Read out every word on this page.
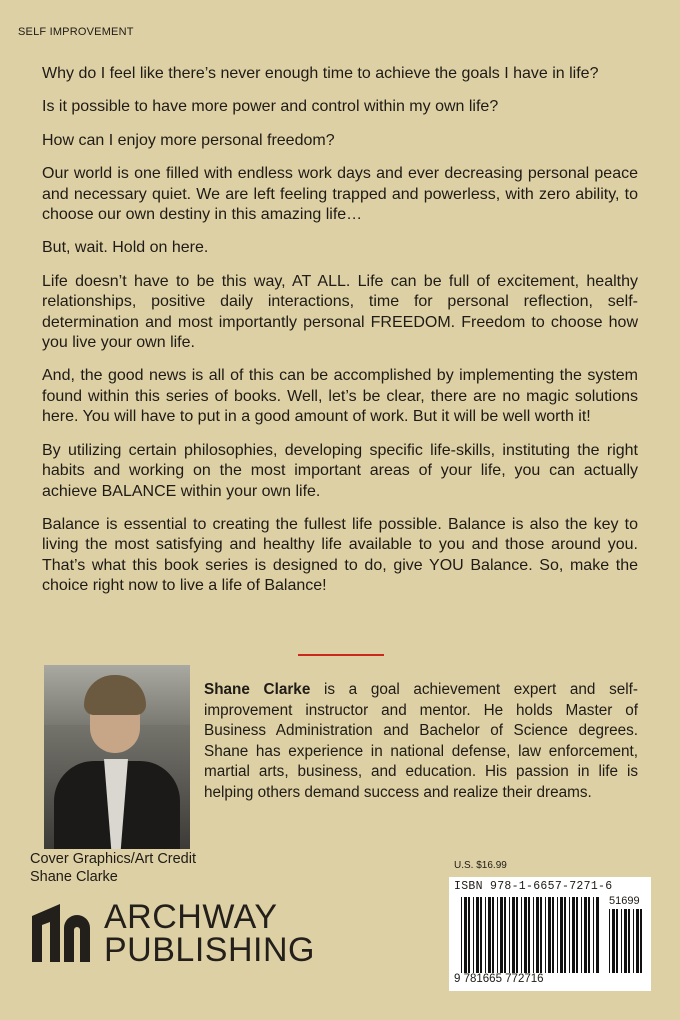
SELF IMPROVEMENT

Why do I feel like there’s never enough time to achieve the goals I have in life?

Is it possible to have more power and control within my own life?

How can I enjoy more personal freedom?

Our world is one filled with endless work days and ever decreasing personal peace and necessary quiet. We are left feeling trapped and powerless, with zero ability, to choose our own destiny in this amazing life…

But, wait. Hold on here.

Life doesn’t have to be this way, AT ALL. Life can be full of excitement, healthy relationships, positive daily interactions, time for personal reflection, self-determination and most importantly personal FREEDOM. Freedom to choose how you live your own life.

And, the good news is all of this can be accomplished by implementing the system found within this series of books. Well, let’s be clear, there are no magic solutions here. You will have to put in a good amount of work. But it will be well worth it!

By utilizing certain philosophies, developing specific life-skills, instituting the right habits and working on the most important areas of your life, you can actually achieve BALANCE within your own life.

Balance is essential to creating the fullest life possible. Balance is also the key to living the most satisfying and healthy life available to you and those around you. That’s what this book series is designed to do, give YOU Balance. So, make the choice right now to live a life of Balance!

Shane Clarke is a goal achievement expert and self-improvement instructor and mentor. He holds Master of Business Administration and Bachelor of Science degrees. Shane has experience in national defense, law enforcement, martial arts, business, and education. His passion in life is helping others demand success and realize their dreams.

Cover Graphics/Art Credit
Shane Clarke
ARCHWAY
PUBLISHING
U.S. $16.99
ISBN 978-1-6657-7271-6
51699
9 781665 772716
